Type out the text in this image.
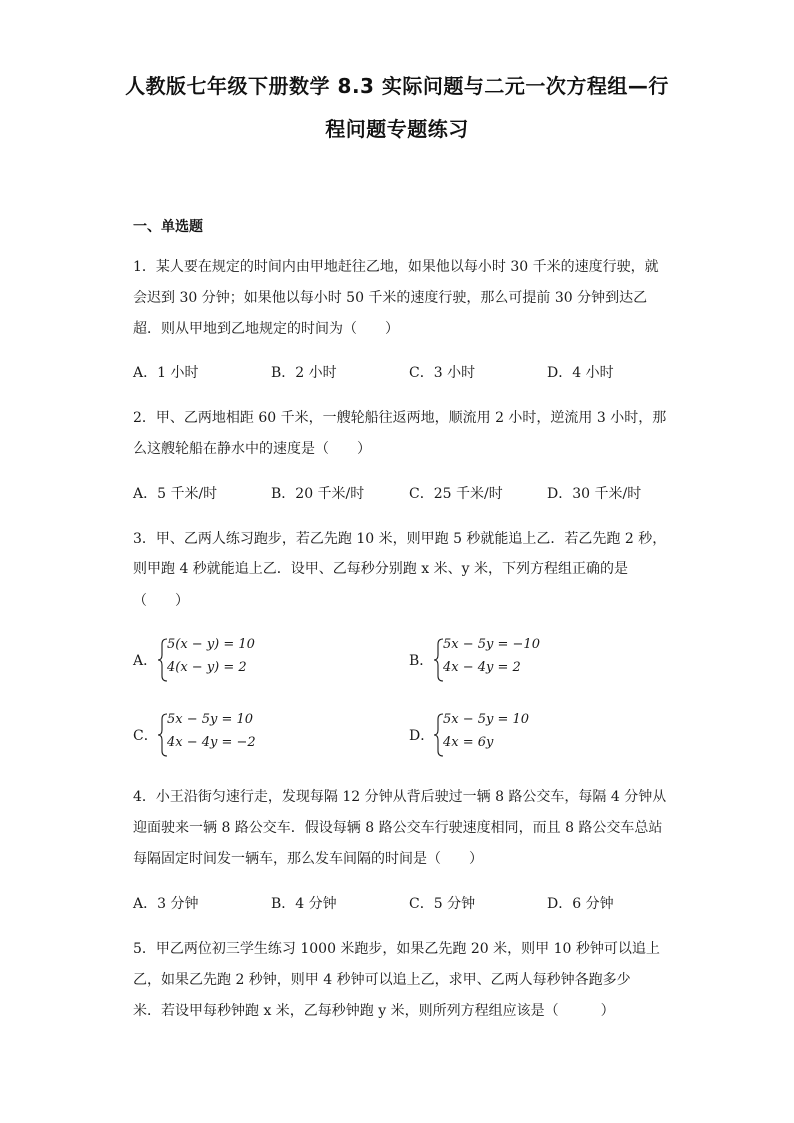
人教版七年级下册数学 8.3 实际问题与二元一次方程组—行
程问题专题练习
一、单选题
1．某人要在规定的时间内由甲地赶往乙地，如果他以每小时 30 千米的速度行驶，就
会迟到 30 分钟；如果他以每小时 50 千米的速度行驶，那么可提前 30 分钟到达乙
超．则从甲地到乙地规定的时间为（　　）
A．1 小时	B．2 小时	C．3 小时	D．4 小时
2．甲、乙两地相距 60 千米，一艘轮船往返两地，顺流用 2 小时，逆流用 3 小时，那
么这艘轮船在静水中的速度是（　　）
A．5 千米/时	B．20 千米/时	C．25 千米/时	D．30 千米/时
3．甲、乙两人练习跑步，若乙先跑 10 米，则甲跑 5 秒就能追上乙．若乙先跑 2 秒，
则甲跑 4 秒就能追上乙．设甲、乙每秒分别跑 x 米、y 米，下列方程组正确的是
（　　）
A．
5(x − y) = 10
4(x − y) = 2	B．
5x − 5y = −10
4x − 4y = 2
C．
5x − 5y = 10
4x − 4y = −2	D．
5x − 5y = 10
4x = 6y
4．小王沿街匀速行走，发现每隔 12 分钟从背后驶过一辆 8 路公交车，每隔 4 分钟从
迎面驶来一辆 8 路公交车．假设每辆 8 路公交车行驶速度相同，而且 8 路公交车总站
每隔固定时间发一辆车，那么发车间隔的时间是（　　）
A．3 分钟	B．4 分钟	C．5 分钟	D．6 分钟
5．甲乙两位初三学生练习 1000 米跑步，如果乙先跑 20 米，则甲 10 秒钟可以追上
乙，如果乙先跑 2 秒钟，则甲 4 秒钟可以追上乙，求甲、乙两人每秒钟各跑多少
米．若设甲每秒钟跑 x 米，乙每秒钟跑 y 米，则所列方程组应该是（　　　）
